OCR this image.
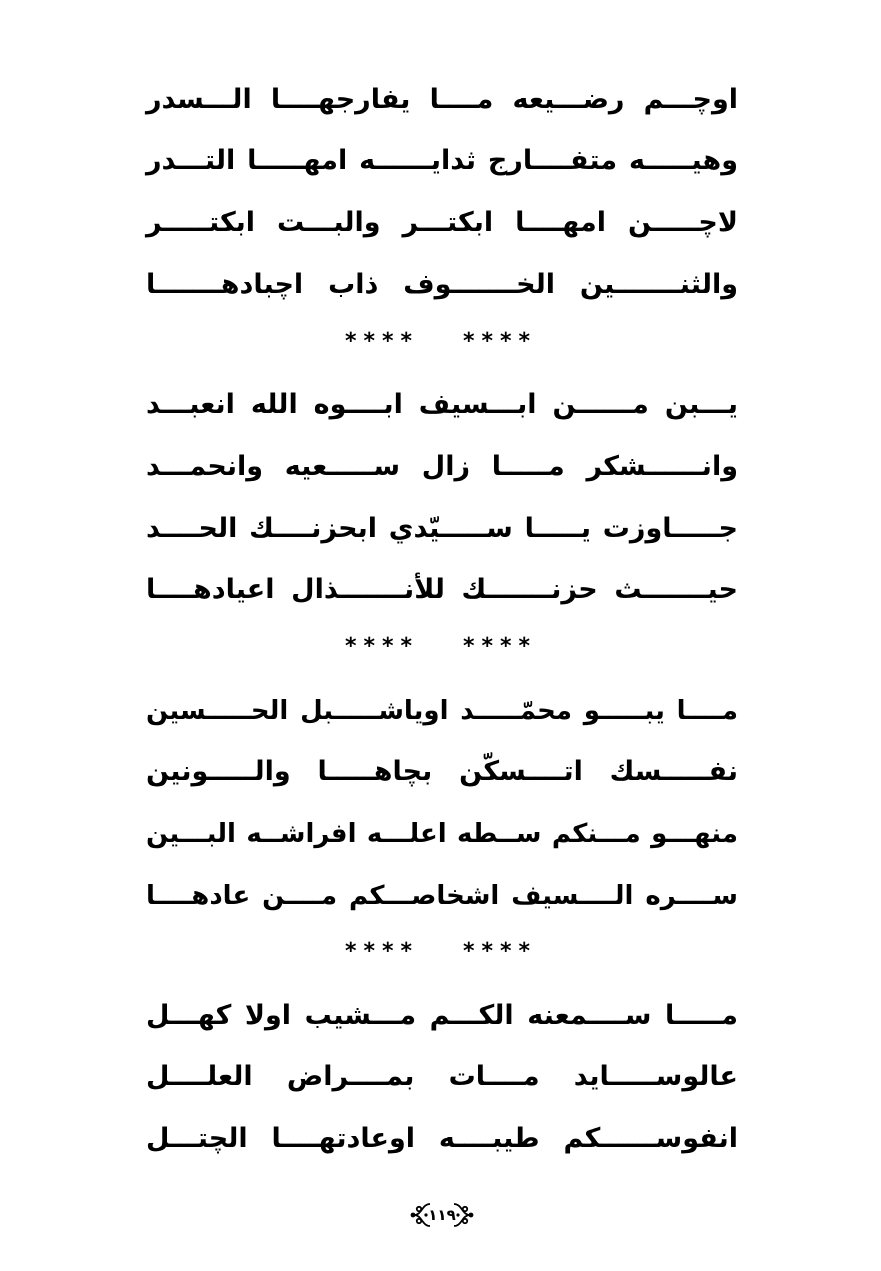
اوچـــم رضـــيعه مــــا يفارجهــــا الـــسدر
وهيـــــه متفــــارج ثدايــــــه امهـــــا التـــدر
لاچـــــن امهــــا ابكتـــر والبـــت ابكتـــــر
والثنـــــــين الخـــــــوف ذاب اچبادهـــــــا
**** ****
يـــبن مــــــن ابـــسيف ابــــوه الله انعبـــد
وانــــــشكر مـــــا زال ســـــعيه وانحمـــد
جـــــاوزت يـــــا ســـــيّدي ابحزنــــك الحــــد
حيـــــــث حزنـــــــك للأنـــــــذال اعيادهــــا
**** ****
مــــا يبـــــو محمّـــــد اوياشـــــبل الحـــــسين
نفـــــسك اتــــسكّن بچاهـــــا والـــــونين
منهـــو مـــنكم ســطه اعلـــه افراشــه البـــين
ســــره الــــسيف اشخاصـــكم مــــن عادهــــا
**** ****
مـــــا ســــمعنه الكـــم مـــشيب اولا كهـــل
عالوســـــايد مــــات بمــــراض العلــــل
انفوســــــكم طيبــــه اوعادتهــــا الچتـــل
١١٩
